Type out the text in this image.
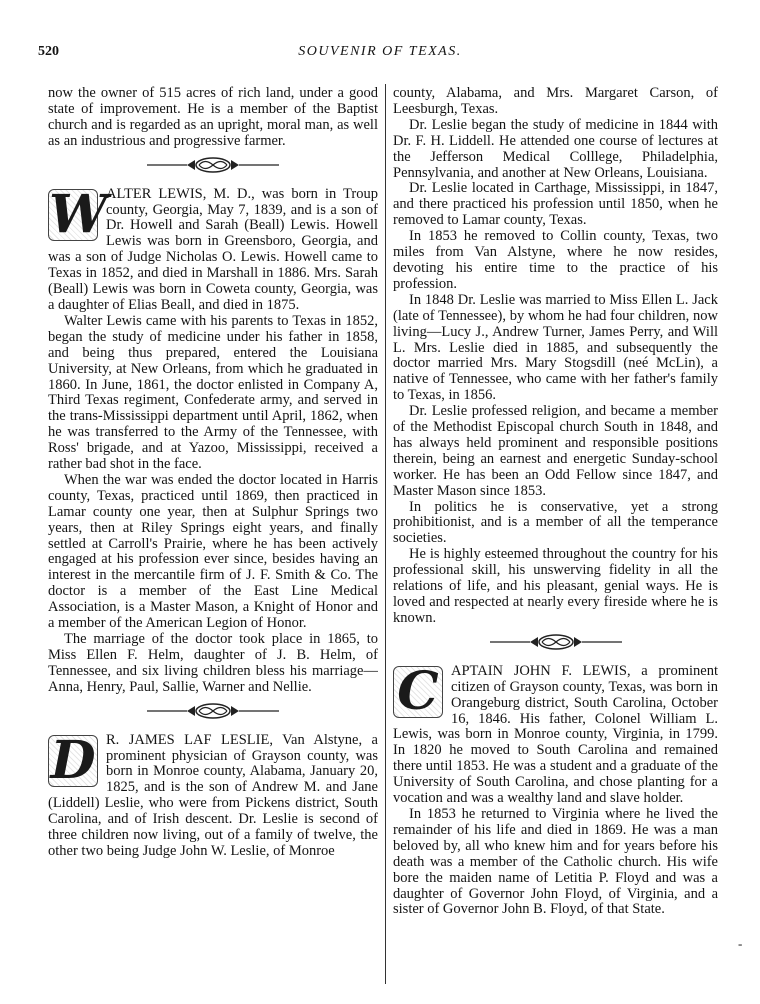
520	SOUVENIR OF TEXAS.

now the owner of 515 acres of rich land, under a good state of improvement. He is a member of the Baptist church and is regarded as an upright, moral man, as well as an industrious and progressive farmer.

W

ALTER LEWIS, M. D., was born in Troup county, Georgia, May 7, 1839, and is a son of Dr. Howell and Sarah (Beall) Lewis. Howell Lewis was born in Greensboro, Georgia, and was a son of Judge Nicholas O. Lewis. Howell came to Texas in 1852, and died in Marshall in 1886. Mrs. Sarah (Beall) Lewis was born in Coweta county, Georgia, was a daughter of Elias Beall, and died in 1875.

Walter Lewis came with his parents to Texas in 1852, began the study of medicine under his father in 1858, and being thus prepared, entered the Louisiana University, at New Orleans, from which he graduated in 1860. In June, 1861, the doctor enlisted in Company A, Third Texas regiment, Confederate army, and served in the trans-Mississippi department until April, 1862, when he was transferred to the Army of the Tennessee, with Ross' brigade, and at Yazoo, Mississippi, received a rather bad shot in the face.

When the war was ended the doctor located in Harris county, Texas, practiced until 1869, then practiced in Lamar county one year, then at Sulphur Springs two years, then at Riley Springs eight years, and finally settled at Carroll's Prairie, where he has been actively engaged at his profession ever since, besides having an interest in the mercantile firm of J. F. Smith & Co. The doctor is a member of the East Line Medical Association, is a Master Mason, a Knight of Honor and a member of the American Legion of Honor.

The marriage of the doctor took place in 1865, to Miss Ellen F. Helm, daughter of J. B. Helm, of Tennessee, and six living children bless his marriage—Anna, Henry, Paul, Sallie, Warner and Nellie.

D R. JAMES LAF LESLIE, Van Alstyne, a prominent physician of Grayson county, was born in Monroe county, Alabama, January 20, 1825, and is the son of Andrew M. and Jane (Liddell) Leslie, who were from Pickens district, South Carolina, and of Irish descent. Dr. Leslie is second of three children now living, out of a family of twelve, the other two being Judge John W. Leslie, of Monroe

county, Alabama, and Mrs. Margaret Carson, of Leesburgh, Texas.

Dr. Leslie began the study of medicine in 1844 with Dr. F. H. Liddell. He attended one course of lectures at the Jefferson Medical Colllege, Philadelphia, Pennsylvania, and another at New Orleans, Louisiana.

Dr. Leslie located in Carthage, Mississippi, in 1847, and there practiced his profession until 1850, when he removed to Lamar county, Texas.

In 1853 he removed to Collin county, Texas, two miles from Van Alstyne, where he now resides, devoting his entire time to the practice of his profession.

In 1848 Dr. Leslie was married to Miss Ellen L. Jack (late of Tennessee), by whom he had four children, now living—Lucy J., Andrew Turner, James Perry, and Will L. Mrs. Leslie died in 1885, and subsequently the doctor married Mrs. Mary Stogsdill (neé McLin), a native of Tennessee, who came with her father's family to Texas, in 1856.

Dr. Leslie professed religion, and became a member of the Methodist Episcopal church South in 1848, and has always held prominent and responsible positions therein, being an earnest and energetic Sunday-school worker. He has been an Odd Fellow since 1847, and Master Mason since 1853.

In politics he is conservative, yet a strong prohibitionist, and is a member of all the temperance societies.

He is highly esteemed throughout the country for his professional skill, his unswerving fidelity in all the relations of life, and his pleasant, genial ways. He is loved and respected at nearly every fireside where he is known.

C APTAIN JOHN F. LEWIS, a prominent citizen of Grayson county, Texas, was born in Orangeburg district, South Carolina, October 16, 1846. His father, Colonel William L. Lewis, was born in Monroe county, Virginia, in 1799. In 1820 he moved to South Carolina and remained there until 1853. He was a student and a graduate of the University of South Carolina, and chose planting for a vocation and was a wealthy land and slave holder.

In 1853 he returned to Virginia where he lived the remainder of his life and died in 1869. He was a man beloved by, all who knew him and for years before his death was a member of the Catholic church. His wife bore the maiden name of Letitia P. Floyd and was a daughter of Governor John Floyd, of Virginia, and a sister of Governor John B. Floyd, of that State.

-
